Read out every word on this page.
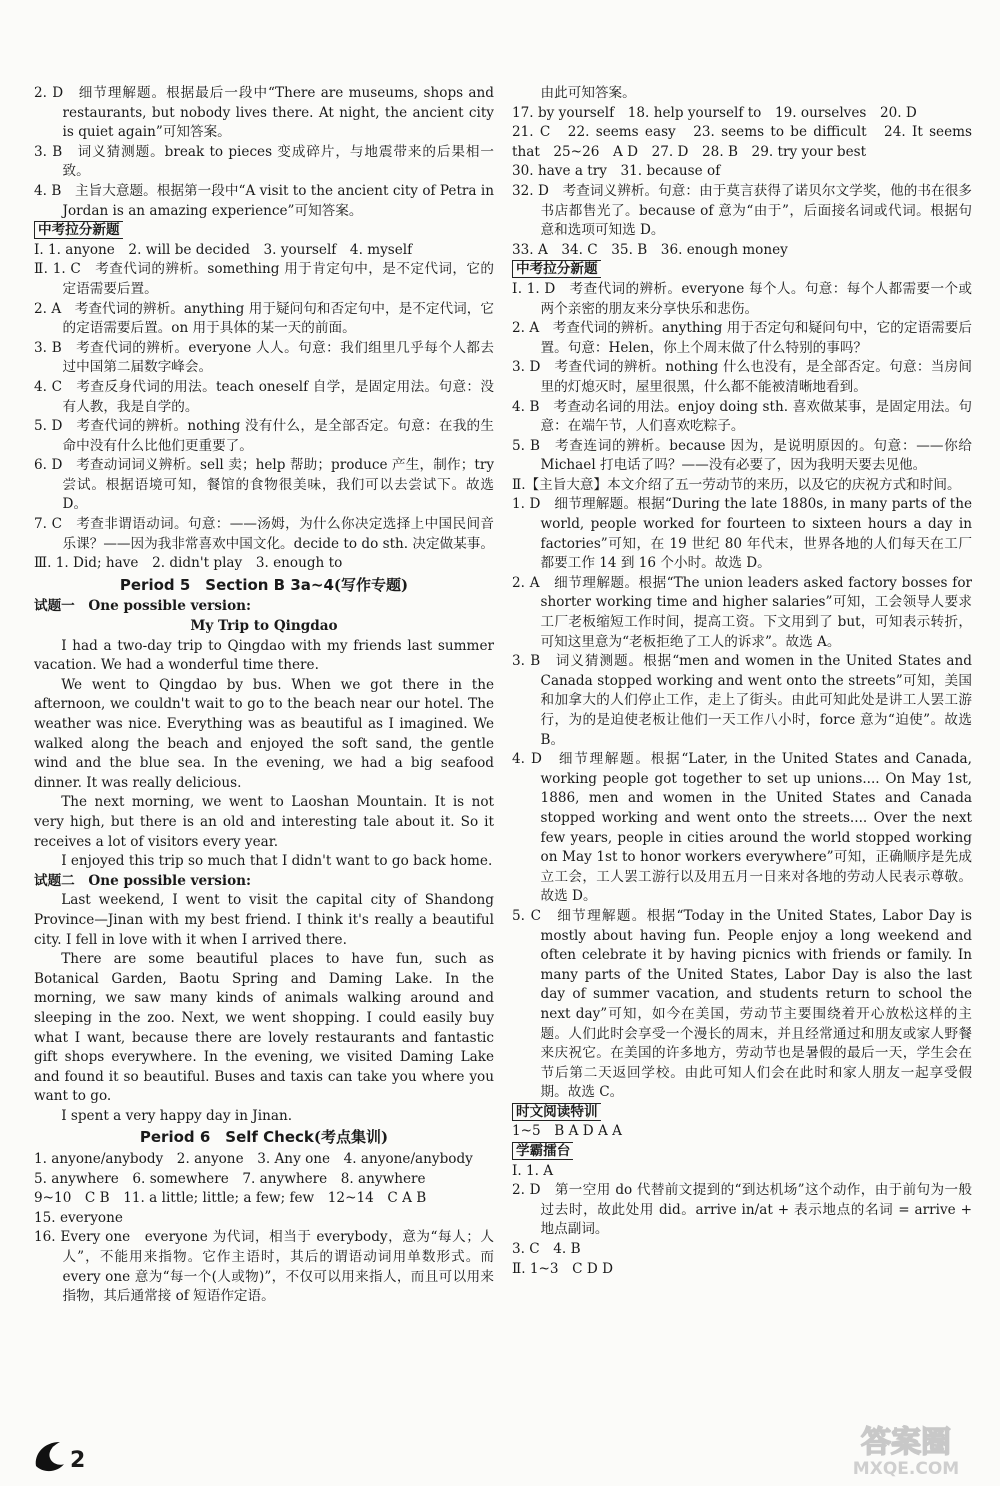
2. D　细节理解题。根据最后一段中“There are museums, shops and restaurants, but nobody lives there. At night, the ancient city is quiet again”可知答案。
3. B　词义猜测题。break to pieces 变成碎片，与地震带来的后果相一致。
4. B　主旨大意题。根据第一段中“A visit to the ancient city of Petra in Jordan is an amazing experience”可知答案。
中考拉分新题
Ⅰ. 1. anyone　2. will be decided　3. yourself　4. myself
Ⅱ. 1. C　考查代词的辨析。something 用于肯定句中，是不定代词，它的定语需要后置。
2. A　考查代词的辨析。anything 用于疑问句和否定句中，是不定代词，它的定语需要后置。on 用于具体的某一天的前面。
3. B　考查代词的辨析。everyone 人人。句意：我们组里几乎每个人都去过中国第二届数字峰会。
4. C　考查反身代词的用法。teach oneself 自学，是固定用法。句意：没有人教，我是自学的。
5. D　考查代词的辨析。nothing 没有什么，是全部否定。句意：在我的生命中没有什么比他们更重要了。
6. D　考查动词词义辨析。sell 卖；help 帮助；produce 产生，制作；try 尝试。根据语境可知，餐馆的食物很美味，我们可以去尝试下。故选 D。
7. C　考查非谓语动词。句意：——汤姆，为什么你决定选择上中国民间音乐课？——因为我非常喜欢中国文化。decide to do sth. 决定做某事。
Ⅲ. 1. Did; have　2. didn't play　3. enough to
Period 5　Section B 3a~4(写作专题)
试题一　One possible version:
My Trip to Qingdao
I had a two-day trip to Qingdao with my friends last summer vacation. We had a wonderful time there.
We went to Qingdao by bus. When we got there in the afternoon, we couldn't wait to go to the beach near our hotel. The weather was nice. Everything was as beautiful as I imagined. We walked along the beach and enjoyed the soft sand, the gentle wind and the blue sea. In the evening, we had a big seafood dinner. It was really delicious.
The next morning, we went to Laoshan Mountain. It is not very high, but there is an old and interesting tale about it. So it receives a lot of visitors every year.
I enjoyed this trip so much that I didn't want to go back home.
试题二　One possible version:
Last weekend, I went to visit the capital city of Shandong Province—Jinan with my best friend. I think it's really a beautiful city. I fell in love with it when I arrived there.
There are some beautiful places to have fun, such as Botanical Garden, Baotu Spring and Daming Lake. In the morning, we saw many kinds of animals walking around and sleeping in the zoo. Next, we went shopping. I could easily buy what I want, because there are lovely restaurants and fantastic gift shops everywhere. In the evening, we visited Daming Lake and found it so beautiful. Buses and taxis can take you where you want to go.
I spent a very happy day in Jinan.
Period 6　Self Check(考点集训)
1. anyone/anybody　2. anyone　3. Any one　4. anyone/anybody
5. anywhere　6. somewhere　7. anywhere　8. anywhere
9~10　C B　11. a little; little; a few; few　12~14　C A B
15. everyone
16. Every one　everyone 为代词，相当于 everybody，意为“每人；人人”，不能用来指物。它作主语时，其后的谓语动词用单数形式。而 every one 意为“每一个(人或物)”，不仅可以用来指人，而且可以用来指物，其后通常接 of 短语作定语。
由此可知答案。
17. by yourself　18. help yourself to　19. ourselves　20. D
21. C　22. seems easy　23. seems to be difficult　24. It seems that　25~26　A D　27. D　28. B　29. try your best
30. have a try　31. because of
32. D　考查词义辨析。句意：由于莫言获得了诺贝尔文学奖，他的书在很多书店都售光了。because of 意为“由于”，后面接名词或代词。根据句意和选项可知选 D。
33. A　34. C　35. B　36. enough money
中考拉分新题
Ⅰ. 1. D　考查代词的辨析。everyone 每个人。句意：每个人都需要一个或两个亲密的朋友来分享快乐和悲伤。
2. A　考查代词的辨析。anything 用于否定句和疑问句中，它的定语需要后置。句意：Helen，你上个周末做了什么特别的事吗？
3. D　考查代词的辨析。nothing 什么也没有，是全部否定。句意：当房间里的灯熄灭时，屋里很黑，什么都不能被清晰地看到。
4. B　考查动名词的用法。enjoy doing sth. 喜欢做某事，是固定用法。句意：在端午节，人们喜欢吃粽子。
5. B　考查连词的辨析。because 因为，是说明原因的。句意：——你给 Michael 打电话了吗？——没有必要了，因为我明天要去见他。
Ⅱ.【主旨大意】本文介绍了五一劳动节的来历，以及它的庆祝方式和时间。
1. D　细节理解题。根据“During the late 1880s, in many parts of the world, people worked for fourteen to sixteen hours a day in factories”可知，在 19 世纪 80 年代末，世界各地的人们每天在工厂都要工作 14 到 16 个小时。故选 D。
2. A　细节理解题。根据“The union leaders asked factory bosses for shorter working time and higher salaries”可知，工会领导人要求工厂老板缩短工作时间，提高工资。下文用到了 but，可知表示转折，可知这里意为“老板拒绝了工人的诉求”。故选 A。
3. B　词义猜测题。根据“men and women in the United States and Canada stopped working and went onto the streets”可知，美国和加拿大的人们停止工作，走上了街头。由此可知此处是讲工人罢工游行，为的是迫使老板让他们一天工作八小时，force 意为“迫使”。故选 B。
4. D　细节理解题。根据“Later, in the United States and Canada, working people got together to set up unions.... On May 1st, 1886, men and women in the United States and Canada stopped working and went onto the streets.... Over the next few years, people in cities around the world stopped working on May 1st to honor workers everywhere”可知，正确顺序是先成立工会，工人罢工游行以及用五月一日来对各地的劳动人民表示尊敬。故选 D。
5. C　细节理解题。根据“Today in the United States, Labor Day is mostly about having fun. People enjoy a long weekend and often celebrate it by having picnics with friends or family. In many parts of the United States, Labor Day is also the last day of summer vacation, and students return to school the next day”可知，如今在美国，劳动节主要围绕着开心放松这样的主题。人们此时会享受一个漫长的周末，并且经常通过和朋友或家人野餐来庆祝它。在美国的许多地方，劳动节也是暑假的最后一天，学生会在节后第二天返回学校。由此可知人们会在此时和家人朋友一起享受假期。故选 C。
时文阅读特训
1~5　B A D A A
学霸擂台
Ⅰ. 1. A
2. D　第一空用 do 代替前文提到的“到达机场”这个动作，由于前句为一般过去时，故此处用 did。arrive in/at + 表示地点的名词 = arrive + 地点副词。
3. C　4. B
Ⅱ. 1~3　C D D
2
答案圈
MXQE.COM
